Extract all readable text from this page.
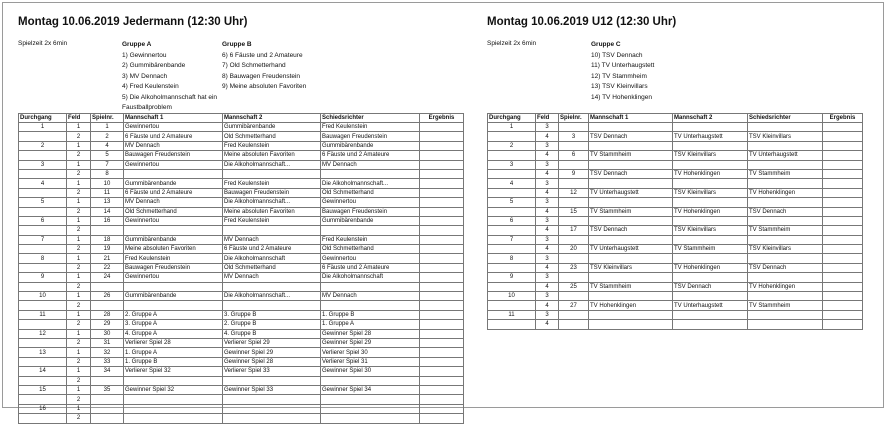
Montag 10.06.2019 Jedermann (12:30 Uhr)
Spielzeit 2x 6min	Gruppe A
1) Gewinnertou
2) Gummibärenbande
3) MV Dennach
4) Fred Keulenstein
5) Die Alkoholmannschaft hat ein Faustballproblem
Gruppe B
6) 6 Fäuste und 2 Amateure
7) Old Schmetterhand
8) Bauwagen Freudenstein
9) Meine absoluten Favoriten
Durchgang	Feld	Spielnr.	Mannschaft 1	Mannschaft 2	Schiedsrichter	Ergebnis
1	1	1	Gewinnertou	Gummibärenbande	Fred Keulenstein	
	2	2	6 Fäuste und 2 Amateure	Old Schmetterhand	Bauwagen Freudenstein	
2	1	4	MV Dennach	Fred Keulenstein	Gummibärenbande	
	2	5	Bauwagen Freudenstein	Meine absoluten Favoriten	6 Fäuste und 2 Amateure	
3	1	7	Gewinnertou	Die Alkoholmannschaft...	MV Dennach	
	2	8				
4	1	10	Gummibärenbande	Fred Keulenstein	Die Alkoholmannschaft...	
	2	11	6 Fäuste und 2 Amateure	Bauwagen Freudenstein	Old Schmetterhand	
5	1	13	MV Dennach	Die Alkoholmannschaft...	Gewinnertou	
	2	14	Old Schmetterhand	Meine absoluten Favoriten	Bauwagen Freudenstein	
6	1	16	Gewinnertou	Fred Keulenstein	Gummibärenbande	
	2					
7	1	18	Gummibärenbande	MV Dennach	Fred Keulenstein	
	2	19	Meine absoluten Favoriten	6 Fäuste und 2 Amateure	Old Schmetterhand	
8	1	21	Fred Keulenstein	Die Alkoholmannschaft	Gewinnertou	
	2	22	Bauwagen Freudenstein	Old Schmetterhand	6 Fäuste und 2 Amateure	
9	1	24	Gewinnertou	MV Dennach	Die Alkoholmannschaft	
	2					
10	1	26	Gummibärenbande	Die Alkoholmannschaft...	MV Dennach	
	2					
11	1	28	2. Gruppe A	3. Gruppe B	1. Gruppe B	
	2	29	3. Gruppe A	2. Gruppe B	1. Gruppe A	
12	1	30	4. Gruppe A	4. Gruppe B	Gewinner Spiel 28	
	2	31	Verlierer Spiel 28	Verlierer Spiel 29	Gewinner Spiel 29	
13	1	32	1. Gruppe A	Gewinner Spiel 29	Verlierer Spiel 30	
	2	33	1. Gruppe B	Gewinner Spiel 28	Verlierer Spiel 31	
14	1	34	Verlierer Spiel 32	Verlierer Spiel 33	Gewinner Spiel 30	
	2					
15	1	35	Gewinner Spiel 32	Gewinner Spiel 33	Gewinner Spiel 34	
	2					
16	1					
	2					
Montag 10.06.2019 U12 (12:30 Uhr)
Spielzeit 2x 6min	Gruppe C
10) TSV Dennach
11) TV Unterhaugstett
12) TV Stammheim
13) TSV Kleinvillars
14) TV Hohenklingen
Durchgang	Feld	Spielnr.	Mannschaft 1	Mannschaft 2	Schiedsrichter	Ergebnis
1	3					
	4	3	TSV Dennach	TV Unterhaugstett	TSV Kleinvillars	
2	3					
	4	6	TV Stammheim	TSV Kleinvillars	TV Unterhaugstett	
3	3					
	4	9	TSV Dennach	TV Hohenklingen	TV Stammheim	
4	3					
	4	12	TV Unterhaugstett	TSV Kleinvillars	TV Hohenklingen	
5	3					
	4	15	TV Stammheim	TV Hohenklingen	TSV Dennach	
6	3					
	4	17	TSV Dennach	TSV Kleinvillars	TV Stammheim	
7	3					
	4	20	TV Unterhaugstett	TV Stammheim	TSV Kleinvillars	
8	3					
	4	23	TSV Kleinvillars	TV Hohenklingen	TSV Dennach	
9	3					
	4	25	TV Stammheim	TSV Dennach	TV Hohenklingen	
10	3					
	4	27	TV Hohenklingen	TV Unterhaugstett	TV Stammheim	
11	3					
	4					
